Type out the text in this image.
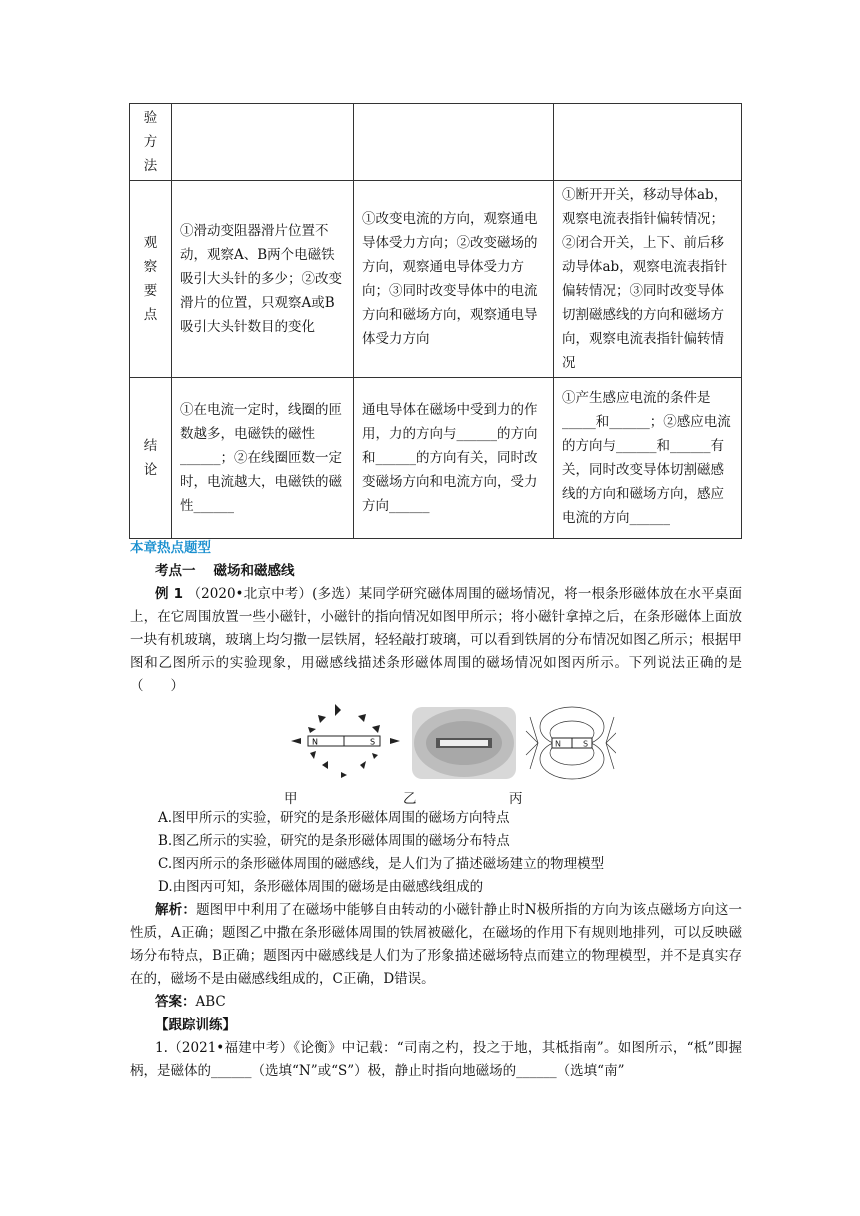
验
方
法			

观
察
要
点	①滑动变阻器滑片位置不动，观察A、B两个电磁铁吸引大头针的多少；②改变滑片的位置，只观察A或B吸引大头针数目的变化	①改变电流的方向，观察通电导体受力方向；②改变磁场的方向，观察通电导体受力方向；③同时改变导体中的电流方向和磁场方向，观察通电导体受力方向	①断开开关，移动导体ab，观察电流表指针偏转情况；②闭合开关，上下、前后移动导体ab，观察电流表指针偏转情况；③同时改变导体切割磁感线的方向和磁场方向，观察电流表指针偏转情况

结
论	①在电流一定时，线圈的匝数越多，电磁铁的磁性______；②在线圈匝数一定时，电流越大，电磁铁的磁性______	通电导体在磁场中受到力的作用，力的方向与______的方向和______的方向有关，同时改变磁场方向和电流方向，受力方向______	①产生感应电流的条件是_____和______；②感应电流的方向与______和______有关，同时改变导体切割磁感线的方向和磁场方向，感应电流的方向______

本章热点题型

考点一 磁场和磁感线

例 1 （2020•北京中考）(多选）某同学研究磁体周围的磁场情况，将一根条形磁体放在水平桌面上，在它周围放置一些小磁针，小磁针的指向情况如图甲所示；将小磁针拿掉之后，在条形磁体上面放一块有机玻璃，玻璃上均匀撒一层铁屑，轻轻敲打玻璃，可以看到铁屑的分布情况如图乙所示；根据甲图和乙图所示的实验现象，用磁感线描述条形磁体周围的磁场情况如图丙所示。下列说法正确的是（　　）

N	S	N	S
甲	乙	丙
A.图甲所示的实验，研究的是条形磁体周围的磁场方向特点
B.图乙所示的实验，研究的是条形磁体周围的磁场分布特点
C.图丙所示的条形磁体周围的磁感线，是人们为了描述磁场建立的物理模型
D.由图丙可知，条形磁体周围的磁场是由磁感线组成的

解析：题图甲中利用了在磁场中能够自由转动的小磁针静止时N极所指的方向为该点磁场方向这一性质，A正确；题图乙中撒在条形磁体周围的铁屑被磁化，在磁场的作用下有规则地排列，可以反映磁场分布特点，B正确；题图丙中磁感线是人们为了形象描述磁场特点而建立的物理模型，并不是真实存在的，磁场不是由磁感线组成的，C正确，D错误。

答案：ABC

【跟踪训练】

1.（2021•福建中考）《论衡》中记载：“司南之杓，投之于地，其柢指南”。如图所示，“柢”即握柄，是磁体的______（选填“N”或“S”）极，静止时指向地磁场的______（选填“南”
